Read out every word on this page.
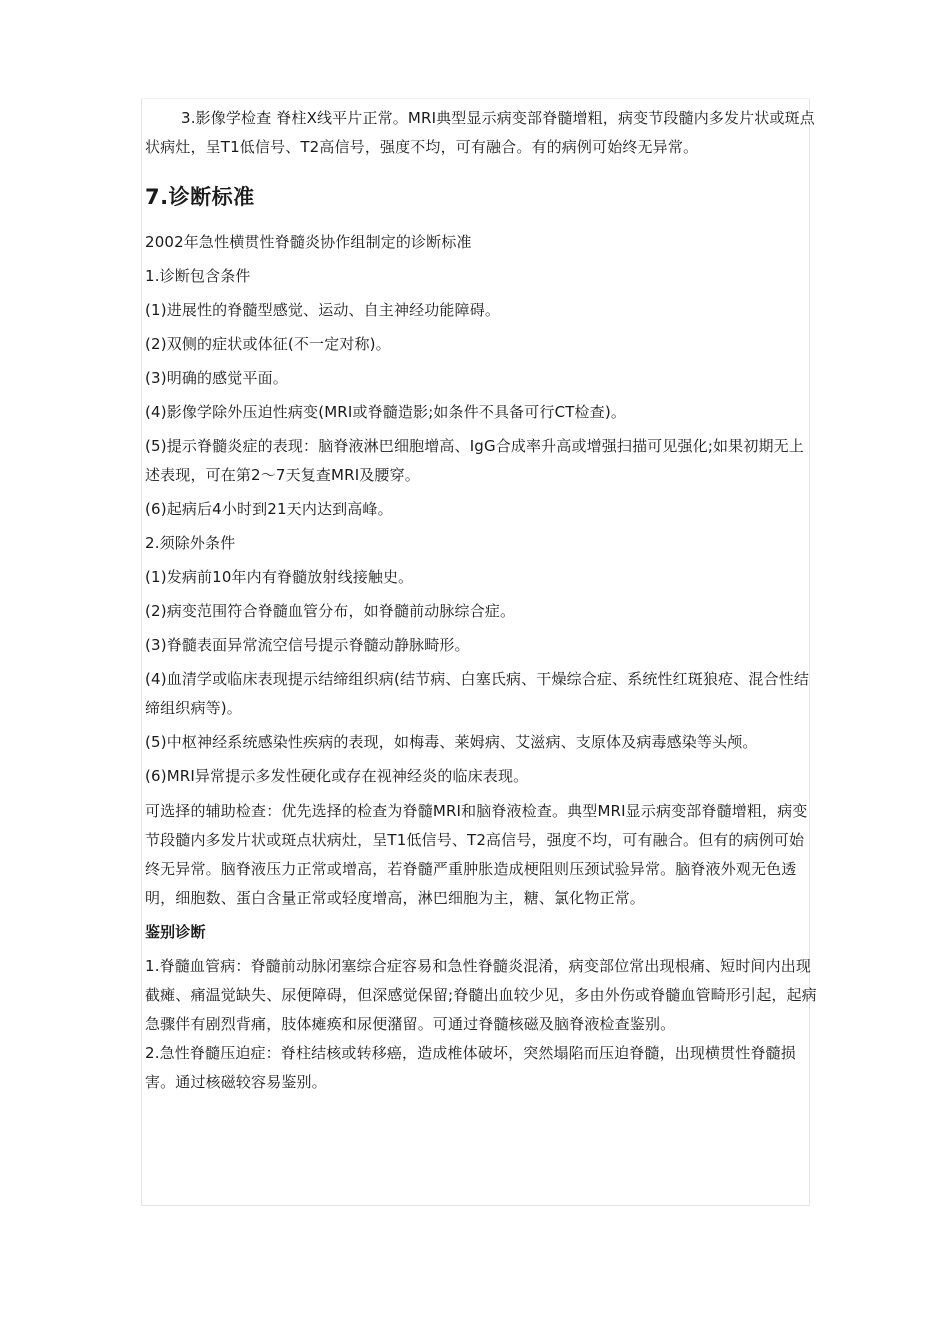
3.影像学检查 脊柱X线平片正常。MRI典型显示病变部脊髓增粗，病变节段髓内多发片状或斑点状病灶，呈T1低信号、T2高信号，强度不均，可有融合。有的病例可始终无异常。

7.诊断标准

2002年急性横贯性脊髓炎协作组制定的诊断标准

1.诊断包含条件

(1)进展性的脊髓型感觉、运动、自主神经功能障碍。

(2)双侧的症状或体征(不一定对称)。

(3)明确的感觉平面。

(4)影像学除外压迫性病变(MRI或脊髓造影;如条件不具备可行CT检查)。

(5)提示脊髓炎症的表现：脑脊液淋巴细胞增高、IgG合成率升高或增强扫描可见强化;如果初期无上述表现，可在第2～7天复查MRI及腰穿。

(6)起病后4小时到21天内达到高峰。

2.须除外条件

(1)发病前10年内有脊髓放射线接触史。

(2)病变范围符合脊髓血管分布，如脊髓前动脉综合症。

(3)脊髓表面异常流空信号提示脊髓动静脉畸形。

(4)血清学或临床表现提示结缔组织病(结节病、白塞氏病、干燥综合症、系统性红斑狼疮、混合性结缔组织病等)。

(5)中枢神经系统感染性疾病的表现，如梅毒、莱姆病、艾滋病、支原体及病毒感染等头颅。

(6)MRI异常提示多发性硬化或存在视神经炎的临床表现。

可选择的辅助检查：优先选择的检查为脊髓MRI和脑脊液检查。典型MRI显示病变部脊髓增粗，病变节段髓内多发片状或斑点状病灶，呈T1低信号、T2高信号，强度不均，可有融合。但有的病例可始终无异常。脑脊液压力正常或增高，若脊髓严重肿胀造成梗阻则压颈试验异常。脑脊液外观无色透明，细胞数、蛋白含量正常或轻度增高，淋巴细胞为主，糖、氯化物正常。

鉴别诊断

1.脊髓血管病：脊髓前动脉闭塞综合症容易和急性脊髓炎混淆，病变部位常出现根痛、短时间内出现截瘫、痛温觉缺失、尿便障碍，但深感觉保留;脊髓出血较少见，多由外伤或脊髓血管畸形引起，起病急骤伴有剧烈背痛，肢体瘫痪和尿便潴留。可通过脊髓核磁及脑脊液检查鉴别。

2.急性脊髓压迫症：脊柱结核或转移癌，造成椎体破坏，突然塌陷而压迫脊髓，出现横贯性脊髓损害。通过核磁较容易鉴别。
